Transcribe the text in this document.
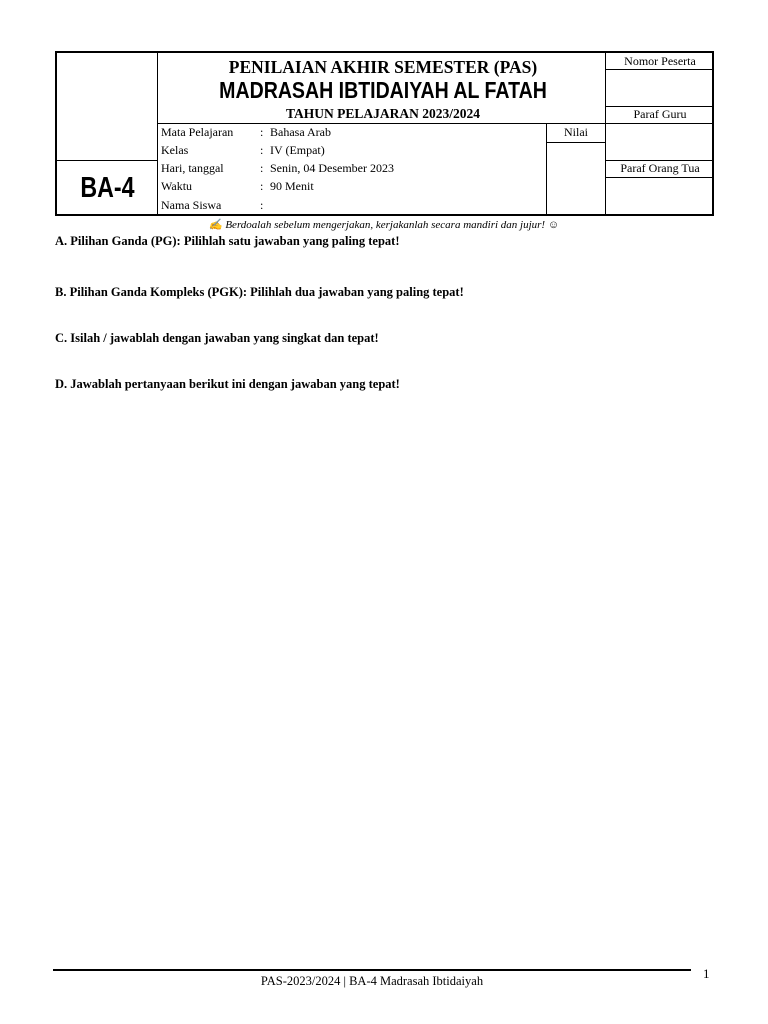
BA-4
PENILAIAN AKHIR SEMESTER (PAS)
MADRASAH IBTIDAIYAH AL FATAH
TAHUN PELAJARAN 2023/2024
Mata Pelajaran : Bahasa Arab
Kelas	: IV (Empat)
Hari, tanggal	: Senin, 04 Desember 2023
Waktu	: 90 Menit
Nama Siswa	:
Nilai
Nomor Peserta
Paraf Guru
Paraf Orang Tua
✍ Berdoalah sebelum mengerjakan, kerjakanlah secara mandiri dan jujur! ☺
A. Pilihan Ganda (PG): Pilihlah satu jawaban yang paling tepat!
B. Pilihan Ganda Kompleks (PGK): Pilihlah dua jawaban yang paling tepat!
C. Isilah / jawablah dengan jawaban yang singkat dan tepat!
D. Jawablah pertanyaan berikut ini dengan jawaban yang tepat!
PAS-2023/2024 | BA-4 Madrasah Ibtidaiyah	1
